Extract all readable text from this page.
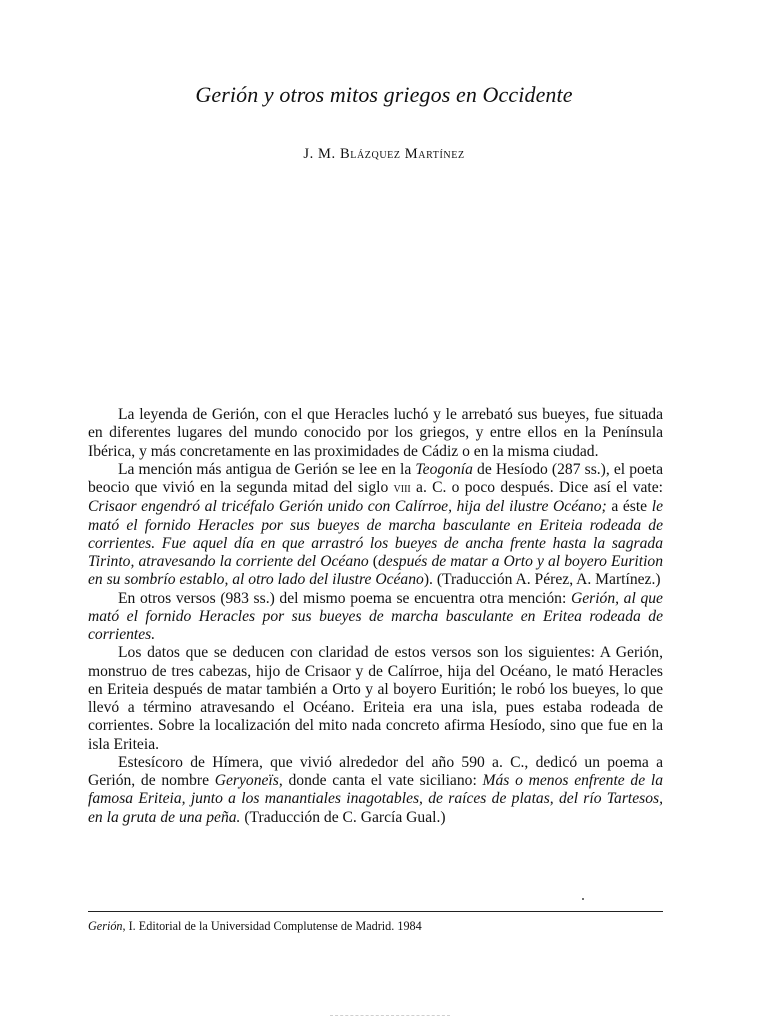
Gerión y otros mitos griegos en Occidente
J. M. Blázquez Martínez

La leyenda de Gerión, con el que Heracles luchó y le arrebató sus bueyes, fue situada en diferentes lugares del mundo conocido por los griegos, y entre ellos en la Península Ibérica, y más concretamente en las proximidades de Cádiz o en la misma ciudad.

La mención más antigua de Gerión se lee en la Teogonía de Hesíodo (287 ss.), el poeta beocio que vivió en la segunda mitad del siglo viii a. C. o poco después. Dice así el vate: Crisaor engendró al tricéfalo Gerión unido con Calírroe, hija del ilustre Océano; a éste le mató el fornido Heracles por sus bueyes de marcha basculante en Eriteia rodeada de corrientes. Fue aquel día en que arrastró los bueyes de ancha frente hasta la sagrada Tirinto, atravesando la corriente del Océano (después de matar a Orto y al boyero Eurition en su sombrío establo, al otro lado del ilustre Océano). (Traducción A. Pérez, A. Martínez.)

En otros versos (983 ss.) del mismo poema se encuentra otra mención: Gerión, al que mató el fornido Heracles por sus bueyes de marcha basculante en Eritea rodeada de corrientes.

Los datos que se deducen con claridad de estos versos son los siguientes: A Gerión, monstruo de tres cabezas, hijo de Crisaor y de Calírroe, hija del Océano, le mató Heracles en Eriteia después de matar también a Orto y al boyero Euritión; le robó los bueyes, lo que llevó a término atravesando el Océano. Eriteia era una isla, pues estaba rodeada de corrientes. Sobre la localización del mito nada concreto afirma Hesíodo, sino que fue en la isla Eriteia.

Estesícoro de Hímera, que vivió alrededor del año 590 a. C., dedicó un poema a Gerión, de nombre Geryoneïs, donde canta el vate siciliano: Más o menos enfrente de la famosa Eriteia, junto a los manantiales inagotables, de raíces de platas, del río Tartesos, en la gruta de una peña. (Traducción de C. García Gual.)

Gerión, I. Editorial de la Universidad Complutense de Madrid. 1984
